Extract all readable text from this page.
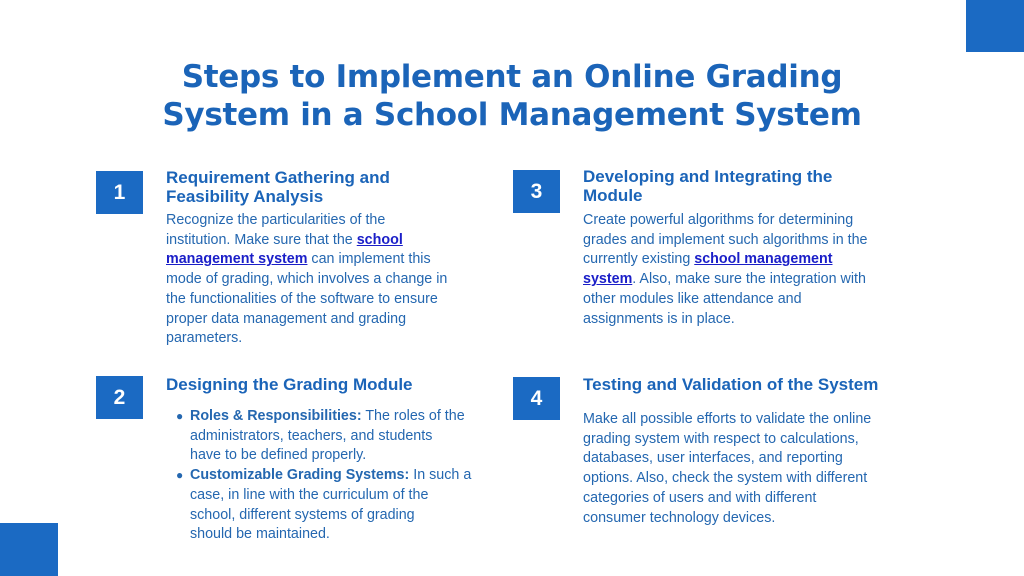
Steps to Implement an Online Grading
System in a School Management System
1
Requirement Gathering and
Feasibility Analysis

Recognize the particularities of the
institution. Make sure that the school
management system can implement this
mode of grading, which involves a change in
the functionalities of the software to ensure
proper data management and grading
parameters.

2
Designing the Grading Module
● Roles & Responsibilities: The roles of the
administrators, teachers, and students
have to be defined properly.
● Customizable Grading Systems: In such a
case, in line with the curriculum of the
school, different systems of grading
should be maintained.
3
Developing and Integrating the
Module

Create powerful algorithms for determining
grades and implement such algorithms in the
currently existing school management
system. Also, make sure the integration with
other modules like attendance and
assignments is in place.

4
Testing and Validation of the System

Make all possible efforts to validate the online
grading system with respect to calculations,
databases, user interfaces, and reporting
options. Also, check the system with different
categories of users and with different
consumer technology devices.
